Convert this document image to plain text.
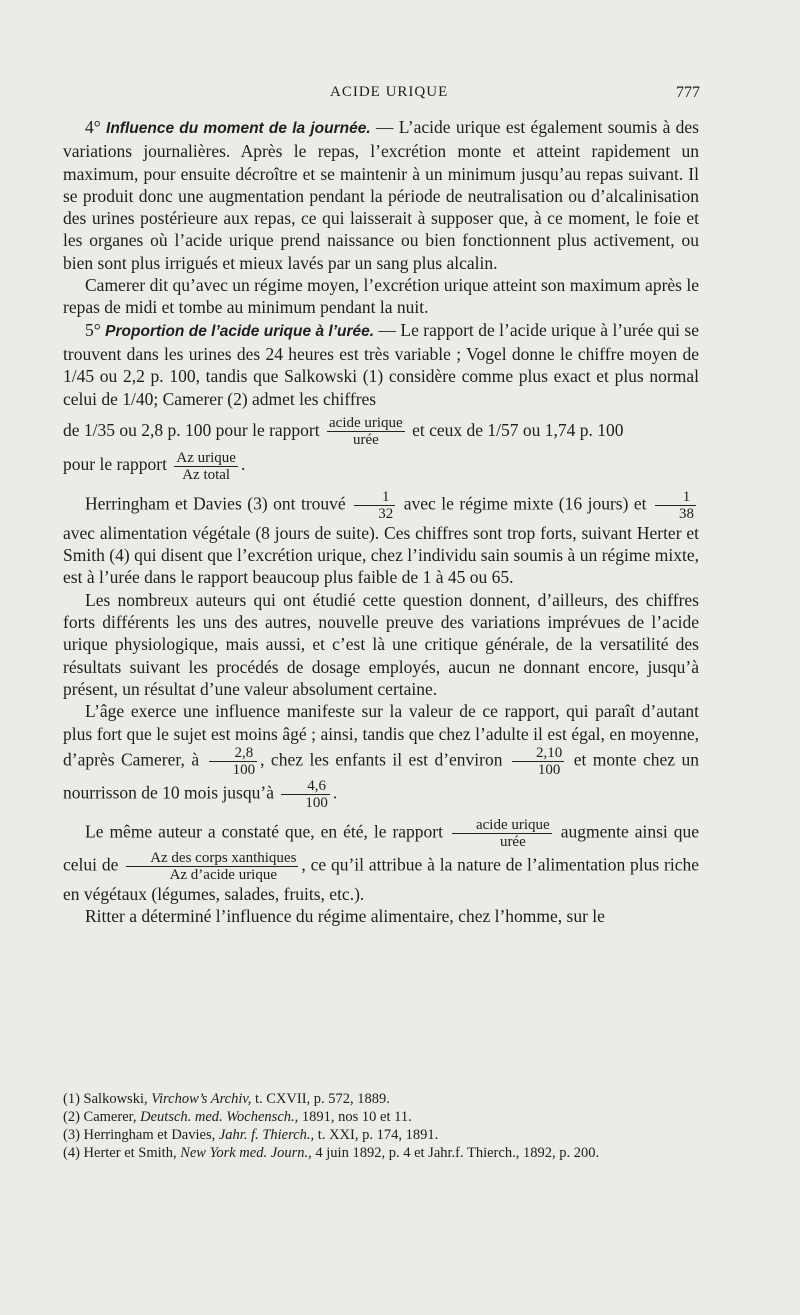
ACIDE URIQUE	777

4° Influence du moment de la journée. — L’acide urique est également soumis à des variations journalières. Après le repas, l’excrétion monte et atteint rapidement un maximum, pour ensuite décroître et se maintenir à un minimum jusqu’au repas suivant. Il se produit donc une augmentation pendant la période de neutralisation ou d’alcalinisation des urines postérieure aux repas, ce qui laisserait à supposer que, à ce moment, le foie et les organes où l’acide urique prend naissance ou bien fonctionnent plus activement, ou bien sont plus irrigués et mieux lavés par un sang plus alcalin.

Camerer dit qu’avec un régime moyen, l’excrétion urique atteint son maximum après le repas de midi et tombe au minimum pendant la nuit.

5° Proportion de l’acide urique à l’urée. — Le rapport de l’acide urique à l’urée qui se trouvent dans les urines des 24 heures est très variable ; Vogel donne le chiffre moyen de 1/45 ou 2,2 p. 100, tandis que Salkowski (1) considère comme plus exact et plus normal celui de 1/40; Camerer (2) admet les chiffres

de 1/35 ou 2,8 p. 100 pour le rapport $\frac{\text{acide urique}}{\text{urée}}$ et ceux de 1/57 ou 1,74 p. 100

pour le rapport $\frac{\text{Az urique}}{\text{Az total}}$ .

Herringham et Davies (3) ont trouvé $\frac{1}{32}$ avec le régime mixte (16 jours) et $\frac{1}{38}$
avec alimentation végétale (8 jours de suite). Ces chiffres sont trop forts, suivant Herter et Smith (4) qui disent que l’excrétion urique, chez l’individu sain soumis à un régime mixte, est à l’urée dans le rapport beaucoup plus faible de 1 à 45 ou 65.

Les nombreux auteurs qui ont étudié cette question donnent, d’ailleurs, des chiffres forts différents les uns des autres, nouvelle preuve des variations imprévues de l’acide urique physiologique, mais aussi, et c’est là une critique générale, de la versatilité des résultats suivant les procédés de dosage employés, aucun ne donnant encore, jusqu’à présent, un résultat d’une valeur absolument certaine.

L’âge exerce une influence manifeste sur la valeur de ce rapport, qui paraît d’autant plus fort que le sujet est moins âgé ; ainsi, tandis que chez l’adulte il est égal, en moyenne, d’après Camerer, à $\frac{2,8}{100}$ , chez les enfants il est d’environ $\frac{2,10}{100}$ et monte chez un nourrisson de 10 mois jusqu’à $\frac{4,6}{100}$ .

Le même auteur a constaté que, en été, le rapport $\frac{\text{acide urique}}{\text{urée}}$ augmente ainsi que celui de $\frac{\text{Az des corps xanthiques}}{\text{Az d’acide urique}}$ , ce qu’il attribue à la nature de l’alimentation plus riche en végétaux (légumes, salades, fruits, etc.).

Ritter a déterminé l’influence du régime alimentaire, chez l’homme, sur le

(1) Salkowski, Virchow’s Archiv, t. CXVII, p. 572, 1889.
(2) Camerer, Deutsch. med. Wochensch., 1891, nos 10 et 11.
(3) Herringham et Davies, Jahr. f. Thierch., t. XXI, p. 174, 1891.
(4) Herter et Smith, New York med. Journ., 4 juin 1892, p. 4 et Jahr.f. Thierch., 1892, p. 200.
